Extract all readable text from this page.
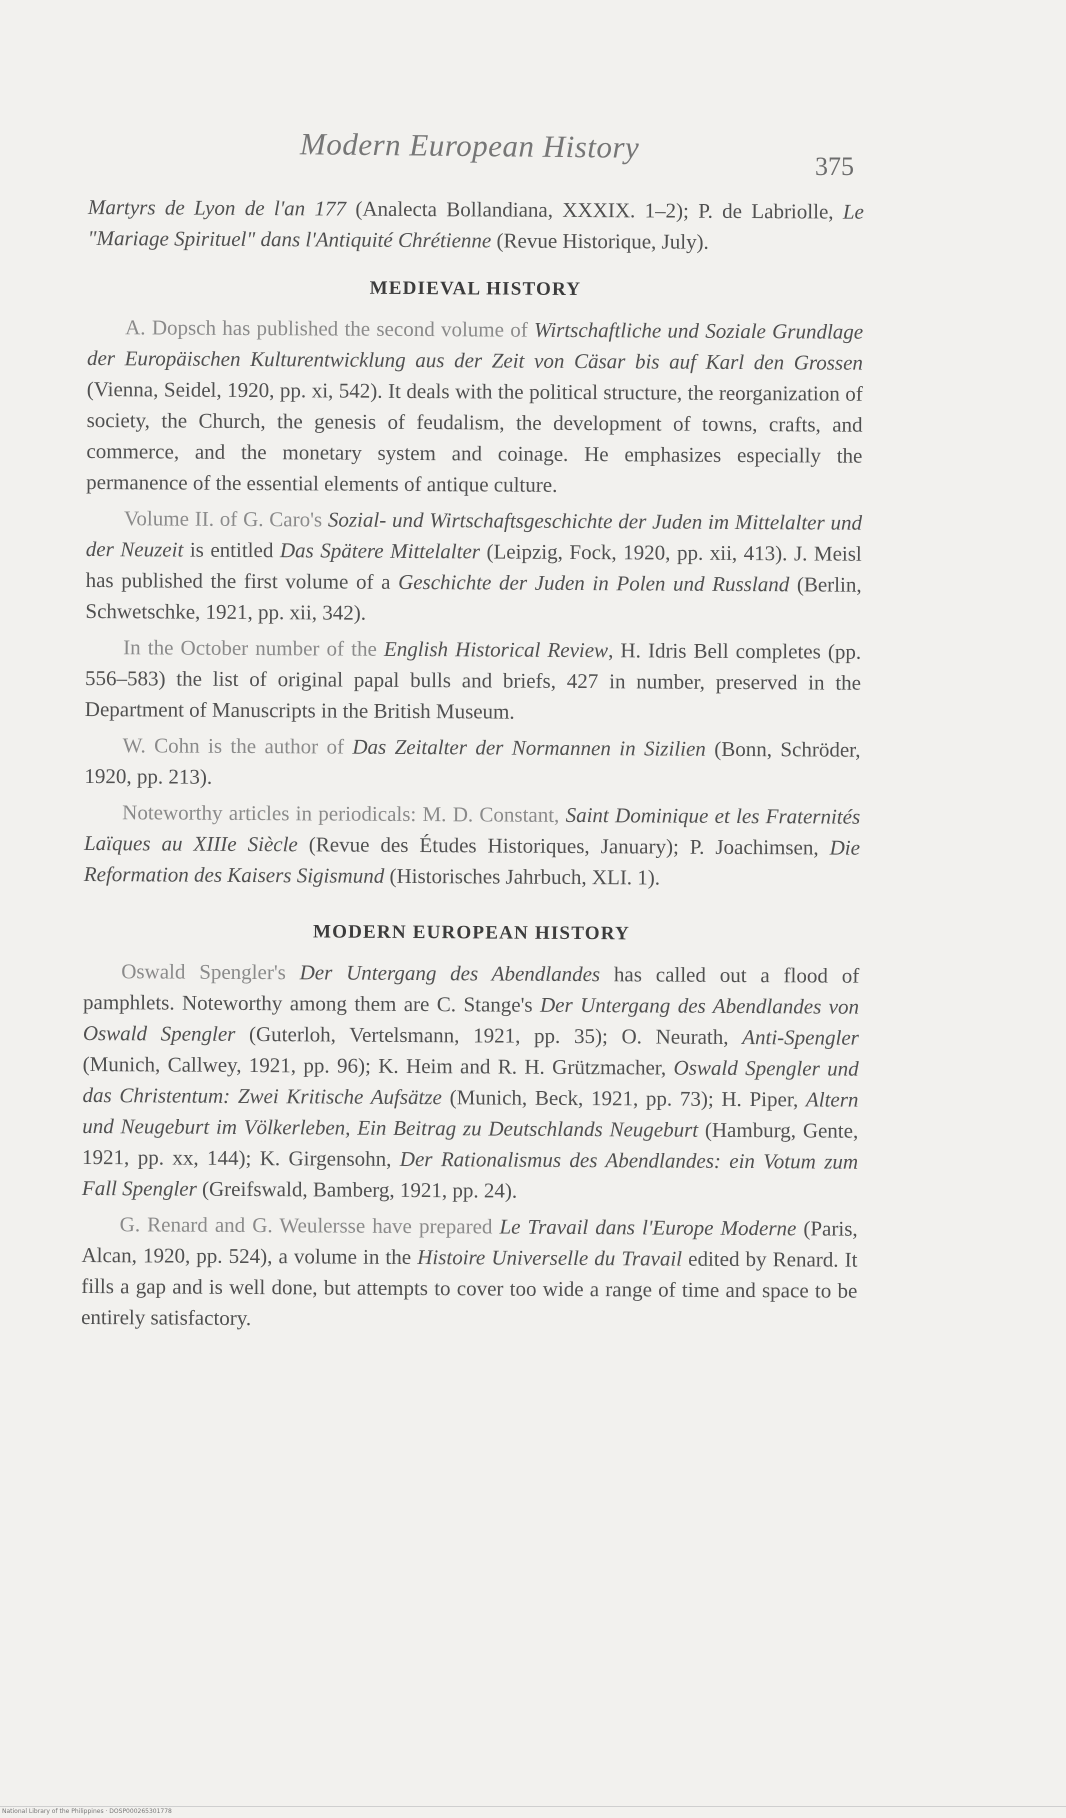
Modern European History
375

Martyrs de Lyon de l'an 177 (Analecta Bollandiana, XXXIX. 1–2); P. de Labriolle, Le "Mariage Spirituel" dans l'Antiquité Chrétienne (Revue Historique, July).

MEDIEVAL HISTORY

A. Dopsch has published the second volume of Wirtschaftliche und Soziale Grundlage der Europäischen Kulturentwicklung aus der Zeit von Cäsar bis auf Karl den Grossen (Vienna, Seidel, 1920, pp. xi, 542). It deals with the political structure, the reorganization of society, the Church, the genesis of feudalism, the development of towns, crafts, and commerce, and the monetary system and coinage. He emphasizes especially the permanence of the essential elements of antique culture.

Volume II. of G. Caro's Sozial- und Wirtschaftsgeschichte der Juden im Mittelalter und der Neuzeit is entitled Das Spätere Mittelalter (Leipzig, Fock, 1920, pp. xii, 413). J. Meisl has published the first volume of a Geschichte der Juden in Polen und Russland (Berlin, Schwetschke, 1921, pp. xii, 342).

In the October number of the English Historical Review, H. Idris Bell completes (pp. 556–583) the list of original papal bulls and briefs, 427 in number, preserved in the Department of Manuscripts in the British Museum.

W. Cohn is the author of Das Zeitalter der Normannen in Sizilien (Bonn, Schröder, 1920, pp. 213).

Noteworthy articles in periodicals: M. D. Constant, Saint Dominique et les Fraternités Laïques au XIIIe Siècle (Revue des Études Historiques, January); P. Joachimsen, Die Reformation des Kaisers Sigismund (Historisches Jahrbuch, XLI. 1).

MODERN EUROPEAN HISTORY

Oswald Spengler's Der Untergang des Abendlandes has called out a flood of pamphlets. Noteworthy among them are C. Stange's Der Untergang des Abendlandes von Oswald Spengler (Guterloh, Vertelsmann, 1921, pp. 35); O. Neurath, Anti-Spengler (Munich, Callwey, 1921, pp. 96); K. Heim and R. H. Grützmacher, Oswald Spengler und das Christentum: Zwei Kritische Aufsätze (Munich, Beck, 1921, pp. 73); H. Piper, Altern und Neugeburt im Völkerleben, Ein Beitrag zu Deutschlands Neugeburt (Hamburg, Gente, 1921, pp. xx, 144); K. Girgensohn, Der Rationalismus des Abendlandes: ein Votum zum Fall Spengler (Greifswald, Bamberg, 1921, pp. 24).

G. Renard and G. Weulersse have prepared Le Travail dans l'Europe Moderne (Paris, Alcan, 1920, pp. 524), a volume in the Histoire Universelle du Travail edited by Renard. It fills a gap and is well done, but attempts to cover too wide a range of time and space to be entirely satisfactory.

National Library of the Philippines · DOSP000265301778
